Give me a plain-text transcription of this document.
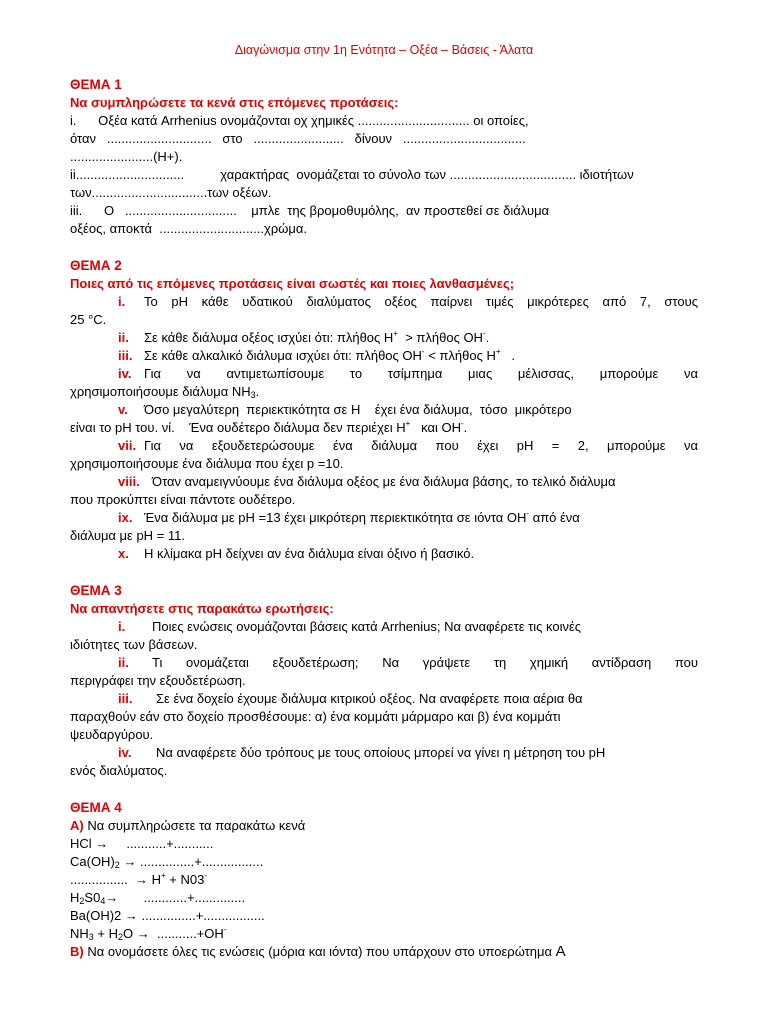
Διαγώνισμα στην 1η Ενότητα – Οξέα – Βάσεις - Άλατα
ΘΕΜΑ 1
Να συμπληρώσετε τα κενά στις επόμενες προτάσεις:
i.      Οξέα κατά Arrhenius ονομάζονται οχ χημικές ............................... οι οποίες,
όταν   .............................   στο   .........................   δίνουν   ..................................
.......................(H+).
ii..............................          χαρακτήρας  ονομάζεται το σύνολο των ................................... ιδιοτήτων
των................................των οξέων.
iii.      Ο   ...............................    μπλε  της βρομοθυμόλης,  αν προστεθεί σε διάλυμα
οξέος, αποκτά  .............................χρώμα.
ΘΕΜΑ 2
Ποιες από τις επόμενες προτάσεις είναι σωστές και ποιες λανθασμένες;
i. Το pH κάθε υδατικού διαλύματος οξέος παίρνει τιμές μικρότερες από 7, στους
25 °C.
ii. Σε κάθε διάλυμα οξέος ισχύει ότι: πλήθος H+  > πλήθος OH-.
iii. Σε κάθε αλκαλικό διάλυμα ισχύει ότι: πλήθος OH- < πλήθος H+   .
iv. Για να αντιμετωπίσουμε το τσίμπημα μιας μέλισσας, μπορούμε να
χρησιμοποιήσουμε διάλυμα $NH_3$.
v. Όσο μεγαλύτερη  περιεκτικότητα σε H    έχει ένα διάλυμα,  τόσο  μικρότερο
είναι το pH του. νί.    Ένα ουδέτερο διάλυμα δεν περιέχει H+   και OH-.
vii. Για να εξουδετερώσουμε ένα διάλυμα που έχει pH = 2, μπορούμε να
χρησιμοποιήσουμε ένα διάλυμα που έχει p =10.
viii. Όταν αναμειγνύουμε ένα διάλυμα οξέος με ένα διάλυμα βάσης, το τελικό διάλυμα
που προκύπτει είναι πάντοτε ουδέτερο.
ix. Ένα διάλυμα με pH =13 έχει μικρότερη περιεκτικότητα σε ιόντα OH- από ένα
διάλυμα με pH = 11.
x. Η κλίμακα pH δείχνει αν ένα διάλυμα είναι όξινο ή βασικό.
ΘΕΜΑ 3
Να απαντήσετε στις παρακάτω ερωτήσεις:
i. Ποιες ενώσεις ονομάζονται βάσεις κατά Arrhenius; Να αναφέρετε τις κοινές
ιδιότητες των βάσεων.
ii. Τι ονομάζεται εξουδετέρωση; Να γράψετε τη χημική αντίδραση που
περιγράφει την εξουδετέρωση.
iii. Σε ένα δοχείο έχουμε διάλυμα κιτρικού οξέος. Να αναφέρετε ποια αέρια θα
παραχθούν εάν στο δοχείο προσθέσουμε: α) ένα κομμάτι μάρμαρο και β) ένα κομμάτι
ψευδαργύρου.
iv. Να αναφέρετε δύο τρόπους με τους οποίους μπορεί να γίνει η μέτρηση του pH
ενός διαλύματος.
ΘΕΜΑ 4
Α) Να συμπληρώσετε τα παρακάτω κενά
HCl →     ...........+...........
$Ca(OH)_2$ → ...............+.................
................  → H+ + N03-
$H_2S0_4\to$       ............+..............
Ba(OH)2 → ...............+.................
$NH_3 + H_2O \to ...........+OH^-$
Β) Να ονομάσετε όλες τις ενώσεις (μόρια και ιόντα) που υπάρχουν στο υποερώτημα Α
